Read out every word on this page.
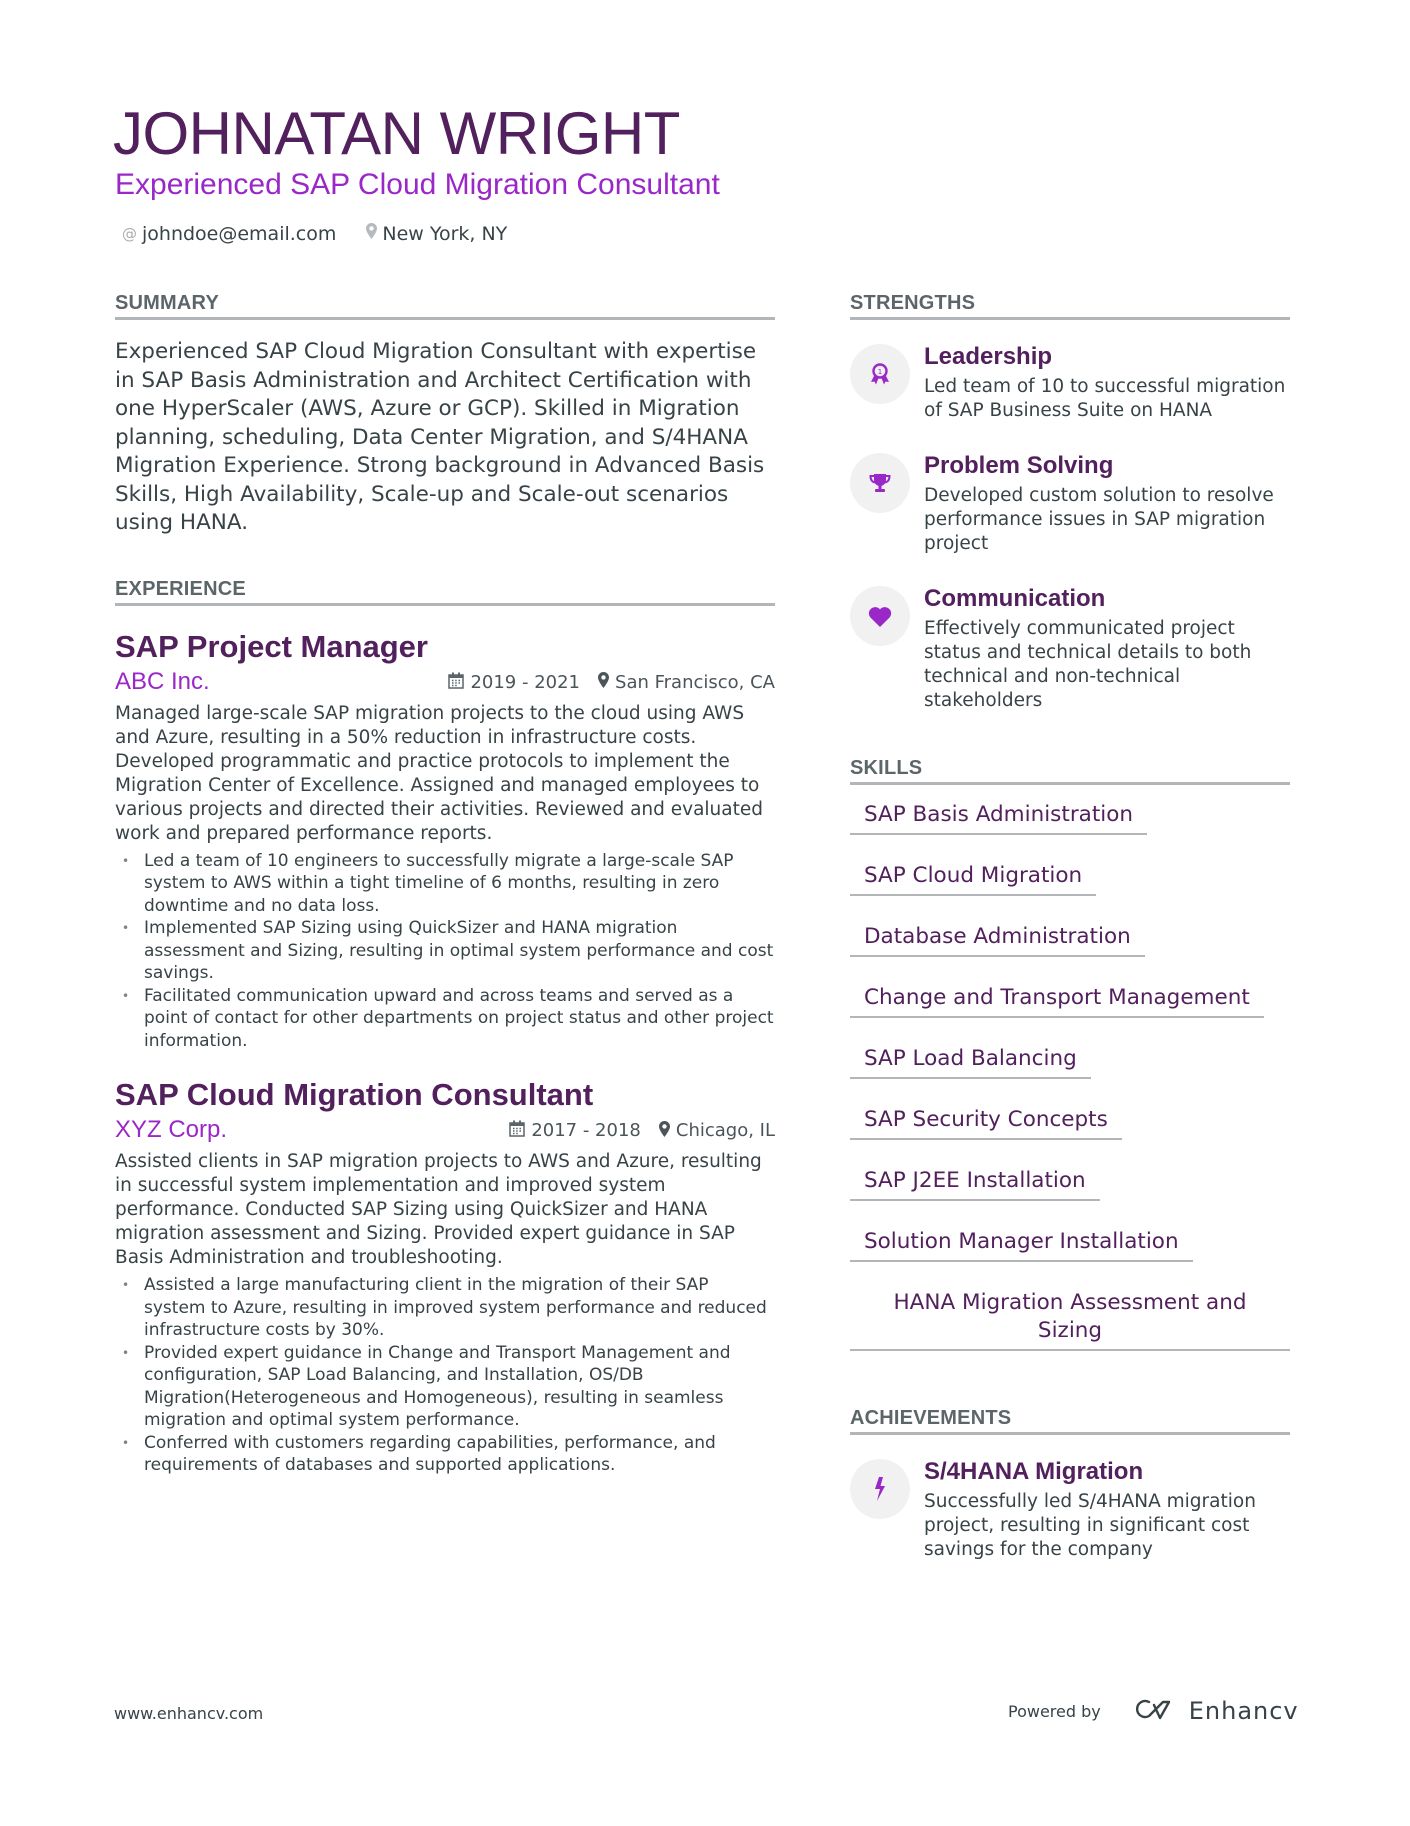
JOHNATAN WRIGHT
Experienced SAP Cloud Migration Consultant
@ johndoe@email.com New York, NY
SUMMARY

Experienced SAP Cloud Migration Consultant with expertise in SAP Basis Administration and Architect Certification with one HyperScaler (AWS, Azure or GCP). Skilled in Migration planning, scheduling, Data Center Migration, and S/4HANA Migration Experience. Strong background in Advanced Basis Skills, High Availability, Scale-up and Scale-out scenarios using HANA.

EXPERIENCE
SAP Project Manager
ABC Inc.	2019 - 2021 San Francisco, CA

Managed large-scale SAP migration projects to the cloud using AWS and Azure, resulting in a 50% reduction in infrastructure costs. Developed programmatic and practice protocols to implement the Migration Center of Excellence. Assigned and managed employees to various projects and directed their activities. Reviewed and evaluated work and prepared performance reports.

• Led a team of 10 engineers to successfully migrate a large-scale SAP system to AWS within a tight timeline of 6 months, resulting in zero downtime and no data loss.
• Implemented SAP Sizing using QuickSizer and HANA migration assessment and Sizing, resulting in optimal system performance and cost savings.
• Facilitated communication upward and across teams and served as a point of contact for other departments on project status and other project information.
SAP Cloud Migration Consultant
XYZ Corp.	2017 - 2018 Chicago, IL

Assisted clients in SAP migration projects to AWS and Azure, resulting in successful system implementation and improved system performance. Conducted SAP Sizing using QuickSizer and HANA migration assessment and Sizing. Provided expert guidance in SAP Basis Administration and troubleshooting.

• Assisted a large manufacturing client in the migration of their SAP system to Azure, resulting in improved system performance and reduced infrastructure costs by 30%.
• Provided expert guidance in Change and Transport Management and configuration, SAP Load Balancing, and Installation, OS/DB Migration(Heterogeneous and Homogeneous), resulting in seamless migration and optimal system performance.
• Conferred with customers regarding capabilities, performance, and requirements of databases and supported applications.
STRENGTHS
1
Leadership

Led team of 10 to successful migration of SAP Business Suite on HANA

Problem Solving

Developed custom solution to resolve performance issues in SAP migration project

Communication

Effectively communicated project status and technical details to both technical and non-technical stakeholders

SKILLS
SAP Basis Administration
SAP Cloud Migration
Database Administration
Change and Transport Management
SAP Load Balancing
SAP Security Concepts
SAP J2EE Installation
Solution Manager Installation
HANA Migration Assessment and Sizing
ACHIEVEMENTS
S/4HANA Migration

Successfully led S/4HANA migration project, resulting in significant cost savings for the company

www.enhancv.com	Powered by	Enhancv
